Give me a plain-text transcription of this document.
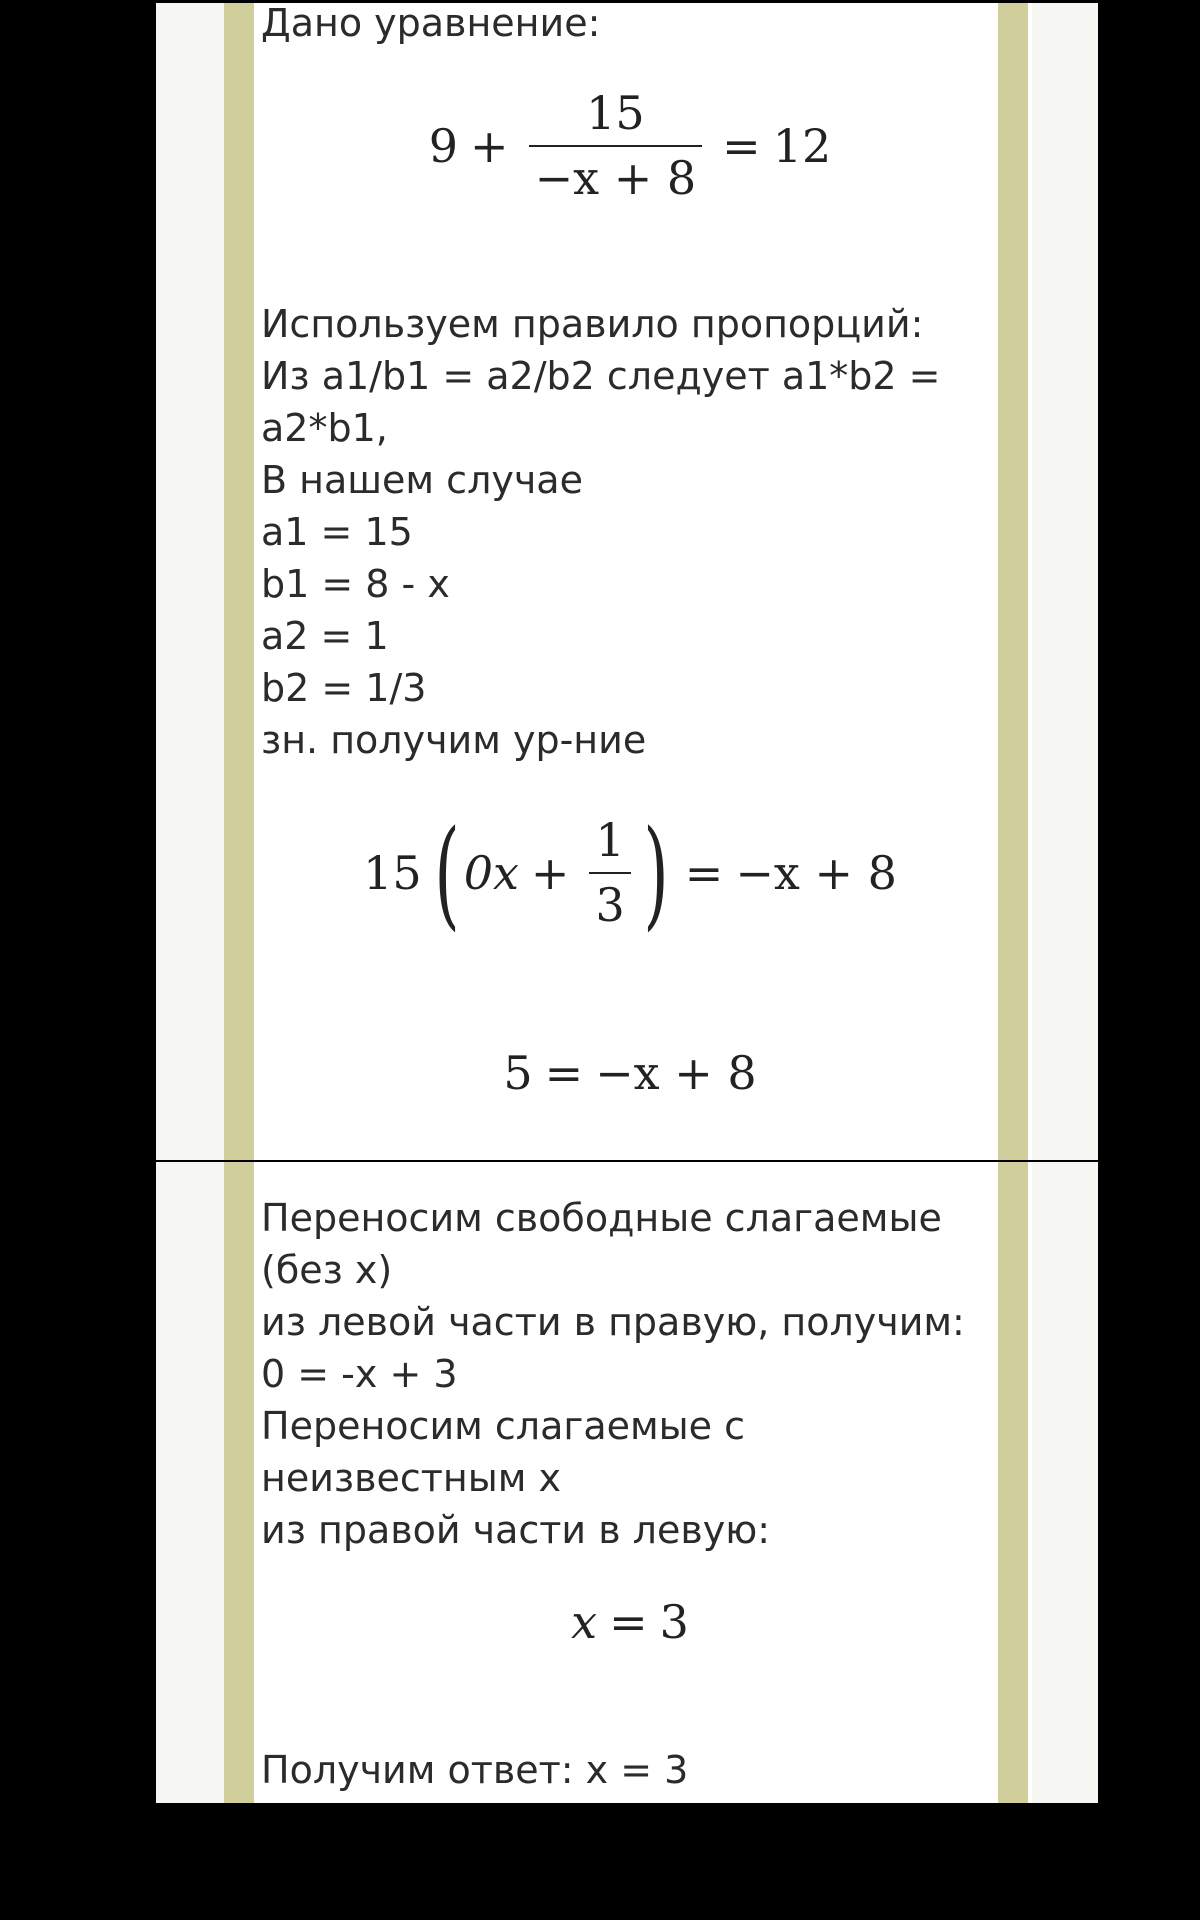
Дано уравнение:

$9 + \frac{15}{-x + 8} = 12$

Используем правило пропорций:

Из a1/b1 = a2/b2 следует a1*b2 =

a2*b1,

В нашем случае

a1 = 15

b1 = 8 - x

a2 = 1

b2 = 1/3

зн. получим ур-ние

15 ( $0x + \frac{1}{3}$ ) = −x + 8
5 = −x + 8

Переносим свободные слагаемые

(без x)

из левой части в правую, получим:

0 = -x + 3

Переносим слагаемые с

неизвестным x

из правой части в левую:

x = 3

Получим ответ: x = 3
